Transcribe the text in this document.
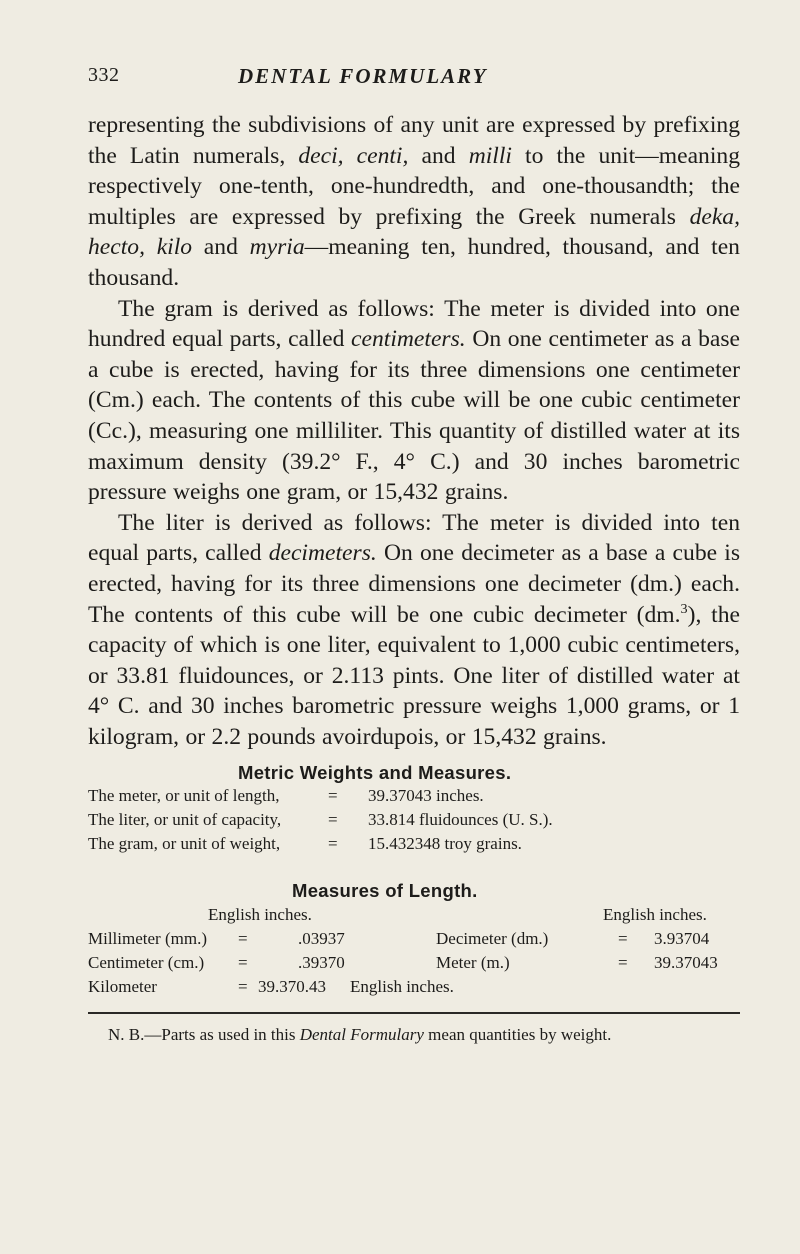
332	DENTAL FORMULARY

representing the subdivisions of any unit are expressed by prefixing the Latin numerals, deci, centi, and milli to the unit—meaning respectively one-tenth, one-hundredth, and one-thousandth; the multiples are expressed by prefixing the Greek numerals deka, hecto, kilo and myria—meaning ten, hundred, thousand, and ten thousand.

The gram is derived as follows: The meter is divided into one hundred equal parts, called centimeters. On one centimeter as a base a cube is erected, having for its three dimensions one centimeter (Cm.) each. The contents of this cube will be one cubic centimeter (Cc.), measuring one milliliter. This quantity of distilled water at its maximum density (39.2° F., 4° C.) and 30 inches barometric pressure weighs one gram, or 15,432 grains.

The liter is derived as follows: The meter is divided into ten equal parts, called decimeters. On one decimeter as a base a cube is erected, having for its three dimensions one decimeter (dm.) each. The contents of this cube will be one cubic decimeter (dm.$^3$), the capacity of which is one liter, equivalent to 1,000 cubic centimeters, or 33.81 fluidounces, or 2.113 pints. One liter of distilled water at 4° C. and 30 inches barometric pressure weighs 1,000 grams, or 1 kilogram, or 2.2 pounds avoirdupois, or 15,432 grains.

Metric Weights and Measures.
The meter, or unit of length,	= 39.37043 inches.
The liter, or unit of capacity,	= 33.814 fluidounces (U. S.).
The gram, or unit of weight,	= 15.432348 troy grains.
Measures of Length.
English inches.	English inches.
Millimeter (mm.) =	.03937	Decimeter (dm.)	= 3.93704
Centimeter (cm.) =	.39370	Meter (m.)	= 39.37043
Kilometer	= 39.370.43 English inches.
N. B.—Parts as used in this Dental Formulary mean quantities by weight.
